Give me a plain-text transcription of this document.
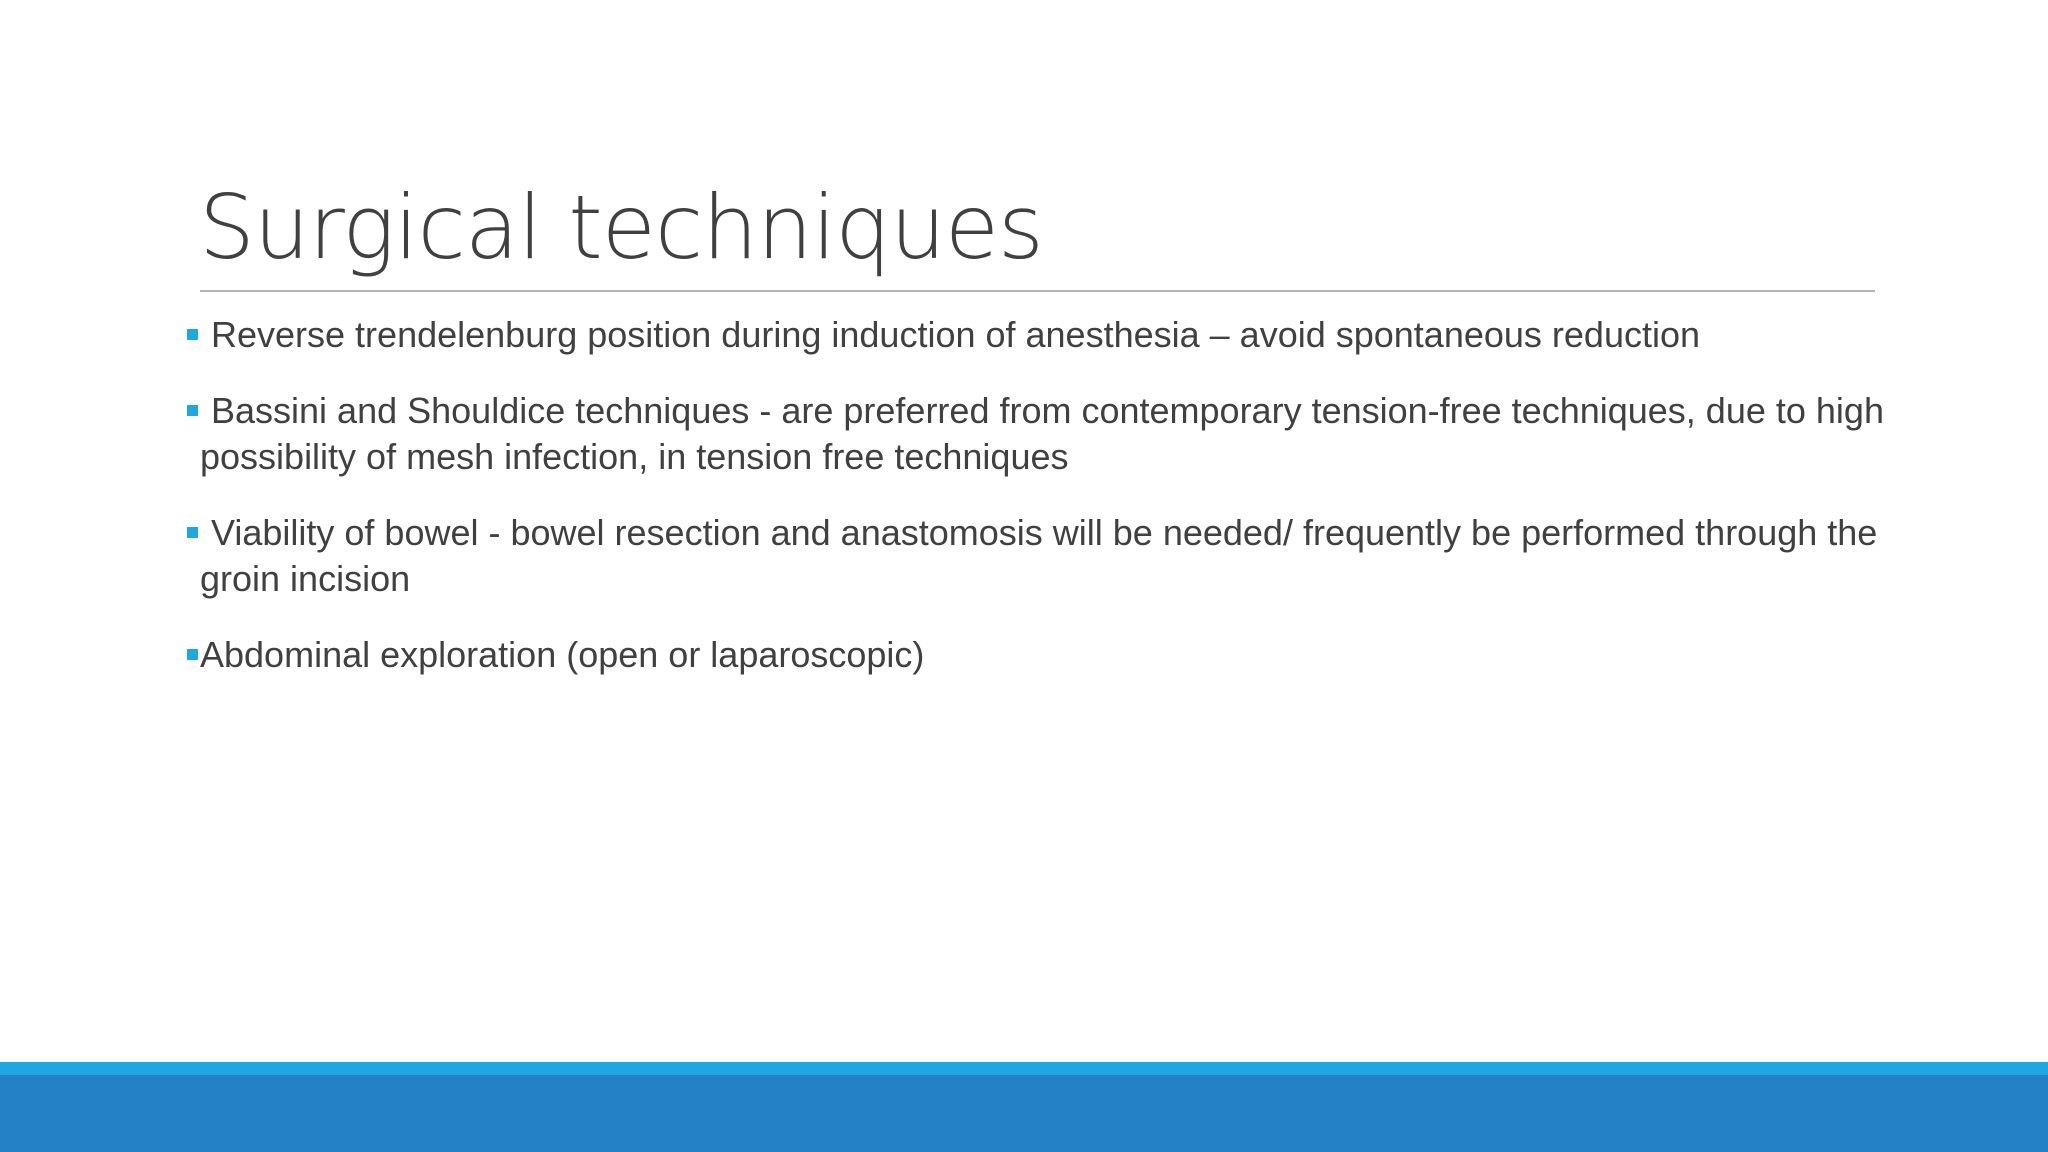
Surgical techniques
Reverse trendelenburg position during induction of anesthesia – avoid spontaneous reduction
Bassini and Shouldice techniques - are preferred from contemporary tension-free techniques, due to high possibility of mesh infection, in tension free techniques
Viability of bowel - bowel resection and anastomosis will be needed/ frequently be performed through the groin incision
Abdominal exploration (open or laparoscopic)
